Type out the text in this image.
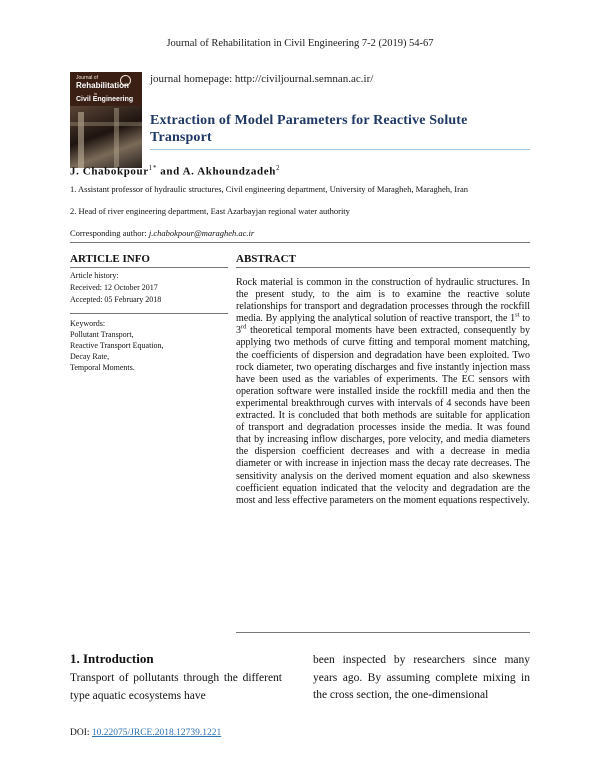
Journal of Rehabilitation in Civil Engineering 7-2 (2019) 54-67
Journal of
Rehabilitation
in
Civil Engineering
journal homepage: http://civiljournal.semnan.ac.ir/
Extraction of Model Parameters for Reactive Solute Transport
J. Chabokpour$^{1*}$ and A. Akhoundzadeh$^2$
1. Assistant professor of hydraulic structures, Civil engineering department, University of Maragheh, Maragheh, Iran
2. Head of river engineering department, East Azarbayjan regional water authority
Corresponding author: j.chabokpour@maragheh.ac.ir
ARTICLE INFO	ABSTRACT
Article history:
Received: 12 October 2017
Accepted: 05 February 2018
Keywords:
Pollutant Transport,
Reactive Transport Equation,
Decay Rate,
Temporal Moments.
Rock material is common in the construction of hydraulic structures. In the present study, to the aim is to examine the reactive solute relationships for transport and degradation processes through the rockfill media. By applying the analytical solution of reactive transport, the 1st to 3rd theoretical temporal moments have been extracted, consequently by applying two methods of curve fitting and temporal moment matching, the coefficients of dispersion and degradation have been exploited. Two rock diameter, two operating discharges and five instantly injection mass have been used as the variables of experiments. The EC sensors with operation software were installed inside the rockfill media and then the experimental breakthrough curves with intervals of 4 seconds have been extracted. It is concluded that both methods are suitable for application of transport and degradation processes inside the media. It was found that by increasing inflow discharges, pore velocity, and media diameters the dispersion coefficient decreases and with a decrease in media diameter or with increase in injection mass the decay rate decreases. The sensitivity analysis on the derived moment equation and also skewness coefficient equation indicated that the velocity and degradation are the most and less effective parameters on the moment equations respectively.
1. Introduction
Transport of pollutants through the different type aquatic ecosystems have
been inspected by researchers since many years ago. By assuming complete mixing in the cross section, the one-dimensional
DOI: 10.22075/JRCE.2018.12739.1221
